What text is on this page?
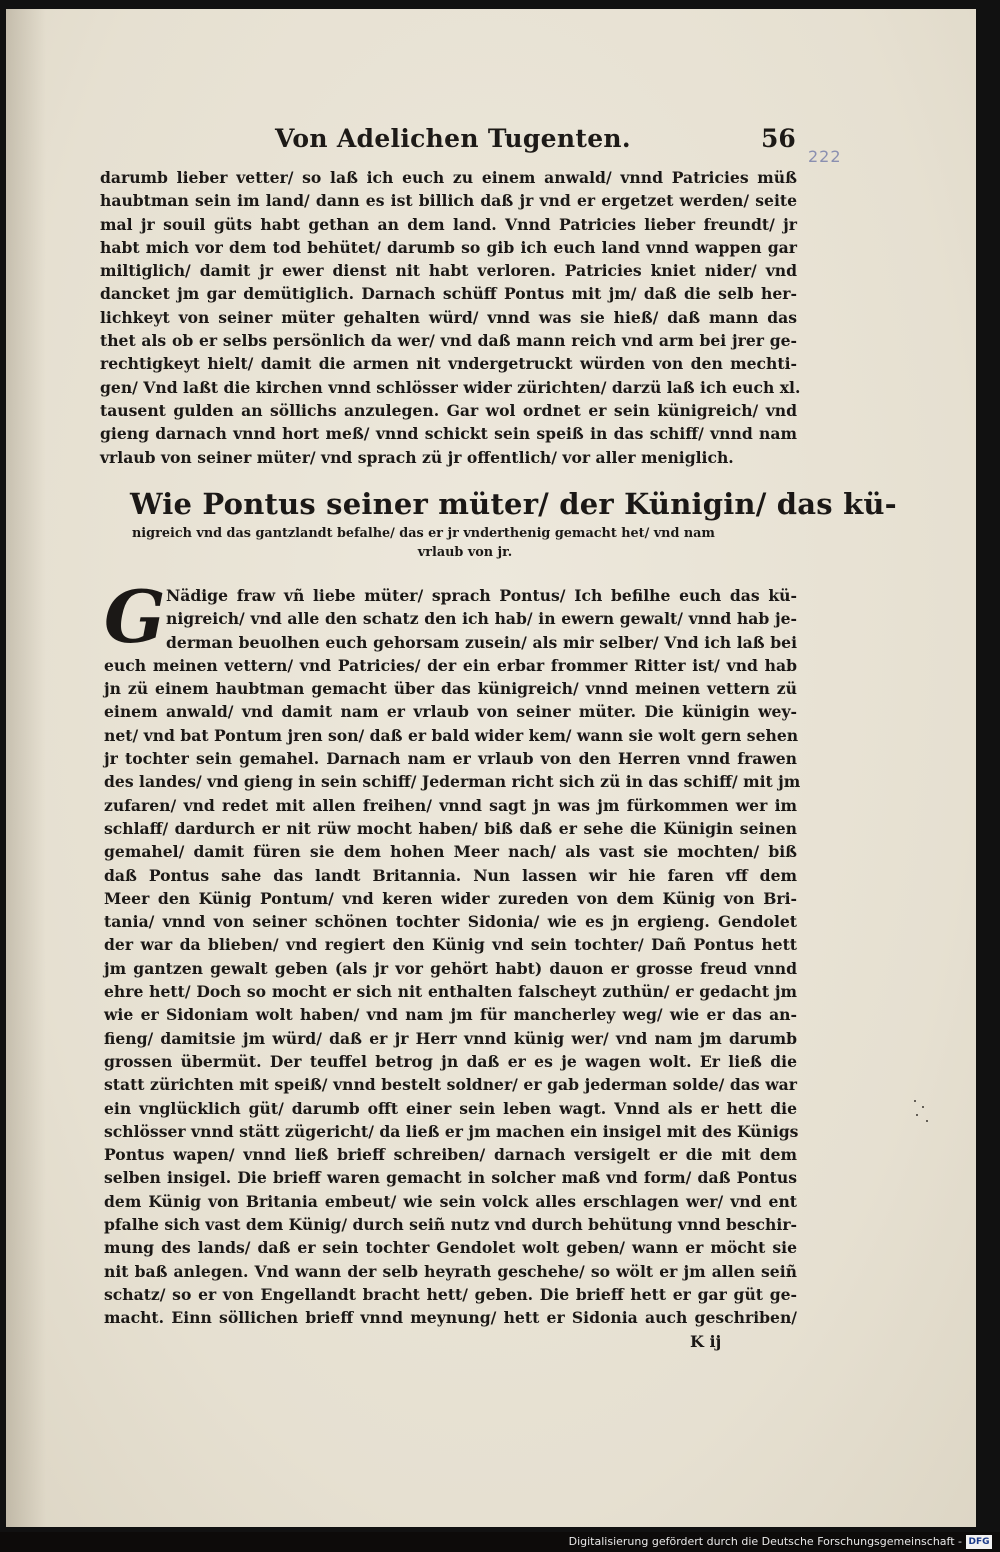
Von Adelichen Tugenten.	56
222
darumb lieber vetter/ so laß ich euch zu einem anwald/ vnnd Patricies müß
haubtman sein im land/ dann es ist billich daß jr vnd er ergetzet werden/ seite
mal jr souil güts habt gethan an dem land. Vnnd Patricies lieber freundt/ jr
habt mich vor dem tod behütet/ darumb so gib ich euch land vnnd wappen gar
miltiglich/ damit jr ewer dienst nit habt verloren. Patricies kniet nider/ vnd
dancket jm gar demütiglich. Darnach schüff Pontus mit jm/ daß die selb her-
lichkeyt von seiner müter gehalten würd/ vnnd was sie hieß/ daß mann das
thet als ob er selbs persönlich da wer/ vnd daß mann reich vnd arm bei jrer ge-
rechtigkeyt hielt/ damit die armen nit vndergetruckt würden von den mechti-
gen/ Vnd laßt die kirchen vnnd schlösser wider zürichten/ darzü laß ich euch xl.
tausent gulden an söllichs anzulegen. Gar wol ordnet er sein künigreich/ vnd
gieng darnach vnnd hort meß/ vnnd schickt sein speiß in das schiff/ vnnd nam
vrlaub von seiner müter/ vnd sprach zü jr offentlich/ vor aller meniglich.
Wie Pontus seiner müter/ der Künigin/ das kü-
nigreich vnd das gantzlandt befalhe/ das er jr vnderthenig gemacht het/ vnd nam
vrlaub von jr.
G Nädige fraw vñ liebe müter/ sprach Pontus/ Ich befilhe euch das kü-
nigreich/ vnd alle den schatz den ich hab/ in ewern gewalt/ vnnd hab je-
derman beuolhen euch gehorsam zusein/ als mir selber/ Vnd ich laß bei
euch meinen vettern/ vnd Patricies/ der ein erbar frommer Ritter ist/ vnd hab
jn zü einem haubtman gemacht über das künigreich/ vnnd meinen vettern zü
einem anwald/ vnd damit nam er vrlaub von seiner müter. Die künigin wey-
net/ vnd bat Pontum jren son/ daß er bald wider kem/ wann sie wolt gern sehen
jr tochter sein gemahel. Darnach nam er vrlaub von den Herren vnnd frawen
des landes/ vnd gieng in sein schiff/ Jederman richt sich zü in das schiff/ mit jm
zufaren/ vnd redet mit allen freihen/ vnnd sagt jn was jm fürkommen wer im
schlaff/ dardurch er nit rüw mocht haben/ biß daß er sehe die Künigin seinen
gemahel/ damit füren sie dem hohen Meer nach/ als vast sie mochten/ biß
daß Pontus sahe das landt Britannia. Nun lassen wir hie faren vff dem
Meer den Künig Pontum/ vnd keren wider zureden von dem Künig von Bri-
tania/ vnnd von seiner schönen tochter Sidonia/ wie es jn ergieng. Gendolet
der war da blieben/ vnd regiert den Künig vnd sein tochter/ Dañ Pontus hett
jm gantzen gewalt geben (als jr vor gehört habt) dauon er grosse freud vnnd
ehre hett/ Doch so mocht er sich nit enthalten falscheyt zuthün/ er gedacht jm
wie er Sidoniam wolt haben/ vnd nam jm für mancherley weg/ wie er das an-
fieng/ damitsie jm würd/ daß er jr Herr vnnd künig wer/ vnd nam jm darumb
grossen übermüt. Der teuffel betrog jn daß er es je wagen wolt. Er ließ die
statt zürichten mit speiß/ vnnd bestelt soldner/ er gab jederman solde/ das war
ein vnglücklich güt/ darumb offt einer sein leben wagt. Vnnd als er hett die
schlösser vnnd stätt zügericht/ da ließ er jm machen ein insigel mit des Künigs
Pontus wapen/ vnnd ließ brieff schreiben/ darnach versigelt er die mit dem
selben insigel. Die brieff waren gemacht in solcher maß vnd form/ daß Pontus
dem Künig von Britania embeut/ wie sein volck alles erschlagen wer/ vnd ent
pfalhe sich vast dem Künig/ durch seiñ nutz vnd durch behütung vnnd beschir-
mung des lands/ daß er sein tochter Gendolet wolt geben/ wann er möcht sie
nit baß anlegen. Vnd wann der selb heyrath geschehe/ so wölt er jm allen seiñ
schatz/ so er von Engellandt bracht hett/ geben. Die brieff hett er gar güt ge-
macht. Einn söllichen brieff vnnd meynung/ hett er Sidonia auch geschriben/
K ij
Digitalisierung gefördert durch die Deutsche Forschungsgemeinschaft - DFG
